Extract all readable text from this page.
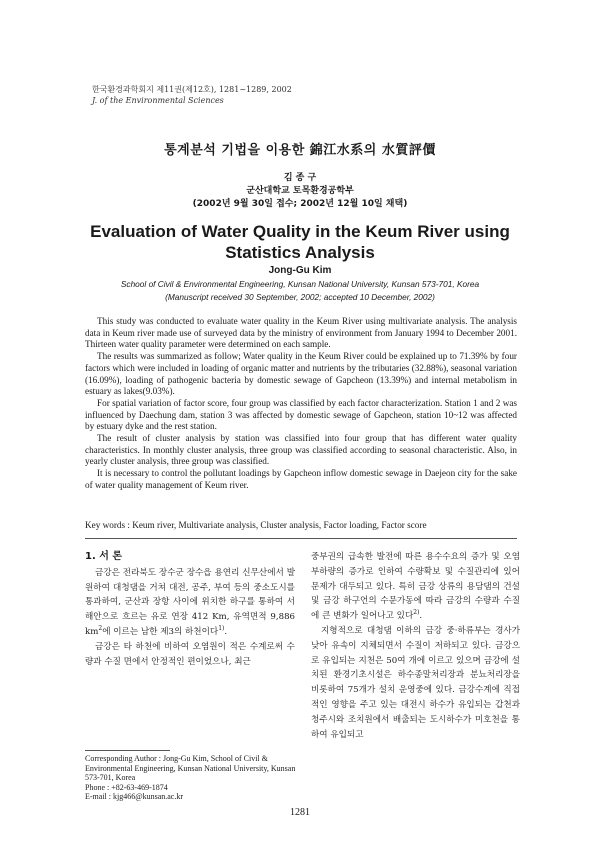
한국환경과학회지 제11권(제12호), 1281~1289, 2002
J. of the Environmental Sciences
통계분석 기법을 이용한 錦江水系의 水質評價
김 종 구
군산대학교 토목환경공학부
(2002년 9월 30일 접수; 2002년 12월 10일 채택)
Evaluation of Water Quality in the Keum River using Statistics Analysis
Jong-Gu Kim
School of Civil & Environmental Engineering, Kunsan National University, Kunsan 573-701, Korea
(Manuscript received 30 September, 2002; accepted 10 December, 2002)

This study was conducted to evaluate water quality in the Keum River using multivariate analysis. The analysis data in Keum river made use of surveyed data by the ministry of environment from January 1994 to December 2001. Thirteen water quality parameter were determined on each sample.

The results was summarized as follow; Water quality in the Keum River could be explained up to 71.39% by four factors which were included in loading of organic matter and nutrients by the tributaries (32.88%), seasonal variation (16.09%), loading of pathogenic bacteria by domestic sewage of Gapcheon (13.39%) and internal metabolism in estuary as lakes(9.03%).

For spatial variation of factor score, four group was classified by each factor characterization. Station 1 and 2 was influenced by Daechung dam, station 3 was affected by domestic sewage of Gapcheon, station 10~12 was affected by estuary dyke and the rest station.

The result of cluster analysis by station was classified into four group that has different water quality characteristics. In monthly cluster analysis, three group was classified according to seasonal characteristic. Also, in yearly cluster analysis, three group was classified.

It is necessary to control the pollutant loadings by Gapcheon inflow domestic sewage in Daejeon city for the sake of water quality management of Keum river.

Key words : Keum river, Multivariate analysis, Cluster analysis, Factor loading, Factor score
1. 서 론

금강은 전라북도 장수군 장수읍 용연리 신무산에서 발원하여 대청댐을 거쳐 대전, 공주, 부여 등의 중소도시를 통과하여, 군산과 장항 사이에 위치한 하구를 통하여 서해안으로 흐르는 유로 연장 412 Km, 유역면적 9,886 $km^2$에 이르는 남한 제3의 하천이다$^{1)}$.

금강은 타 하천에 비하여 오염원이 적은 수계로써 수량과 수질 면에서 안정적인 편이었으나, 최근

중부권의 급속한 발전에 따른 용수수요의 증가 및 오염부하량의 증가로 인하여 수량확보 및 수질관리에 있어 문제가 대두되고 있다. 특히 금강 상류의 용담댐의 건설 및 금강 하구언의 수문가동에 따라 금강의 수량과 수질에 큰 변화가 일어나고 있다$^{2)}$.

지형적으로 대청댐 이하의 금강 중·하류부는 경사가 낮아 유속이 지체되면서 수질이 저하되고 있다. 금강으로 유입되는 지천은 50여 개에 이르고 있으며 금강에 설치된 환경기초시설은 하수종말처리장과 분뇨처리장을 비롯하여 75개가 설치 운영중에 있다. 금강수계에 직접적인 영향을 주고 있는 대전시 하수가 유입되는 갑천과 청주시와 조치원에서 배출되는 도시하수가 미호천을 통하여 유입되고

Corresponding Author : Jong-Gu Kim, School of Civil & Environmental Engineering, Kunsan National University, Kunsan 573-701, Korea
Phone : +82-63-469-1874
E-mail : kjg466@kunsan.ac.kr
1281
